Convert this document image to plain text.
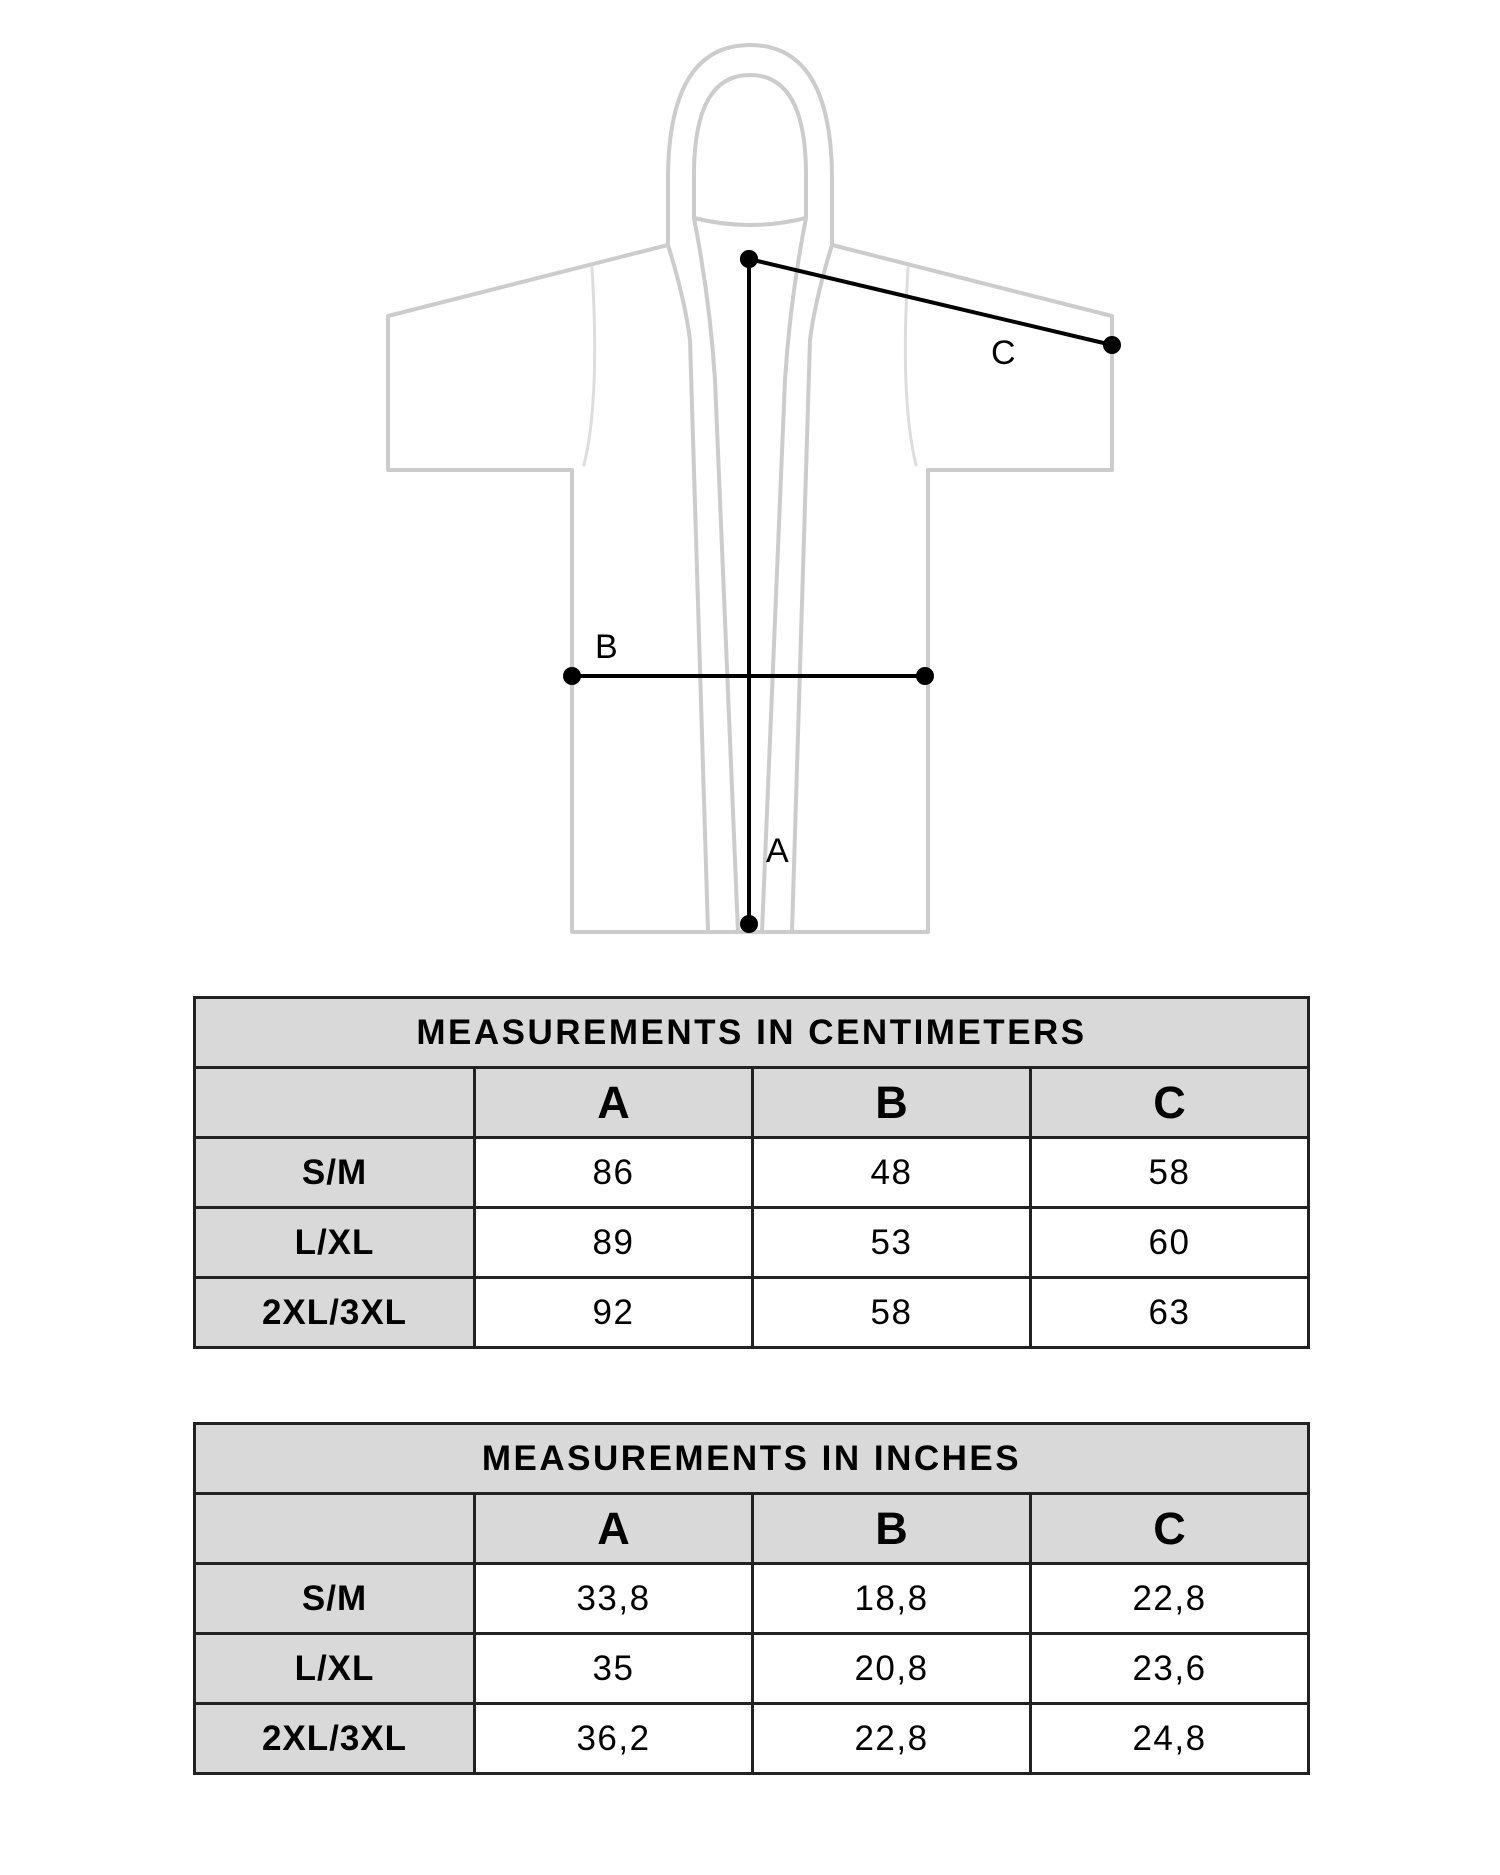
A
B
C
MEASUREMENTS IN CENTIMETERS			
	A	B	C
S/M	86	48	58
L/XL	89	53	60
2XL/3XL	92	58	63
MEASUREMENTS IN INCHES			
	A	B	C
S/M	33,8	18,8	22,8
L/XL	35	20,8	23,6
2XL/3XL	36,2	22,8	24,8
